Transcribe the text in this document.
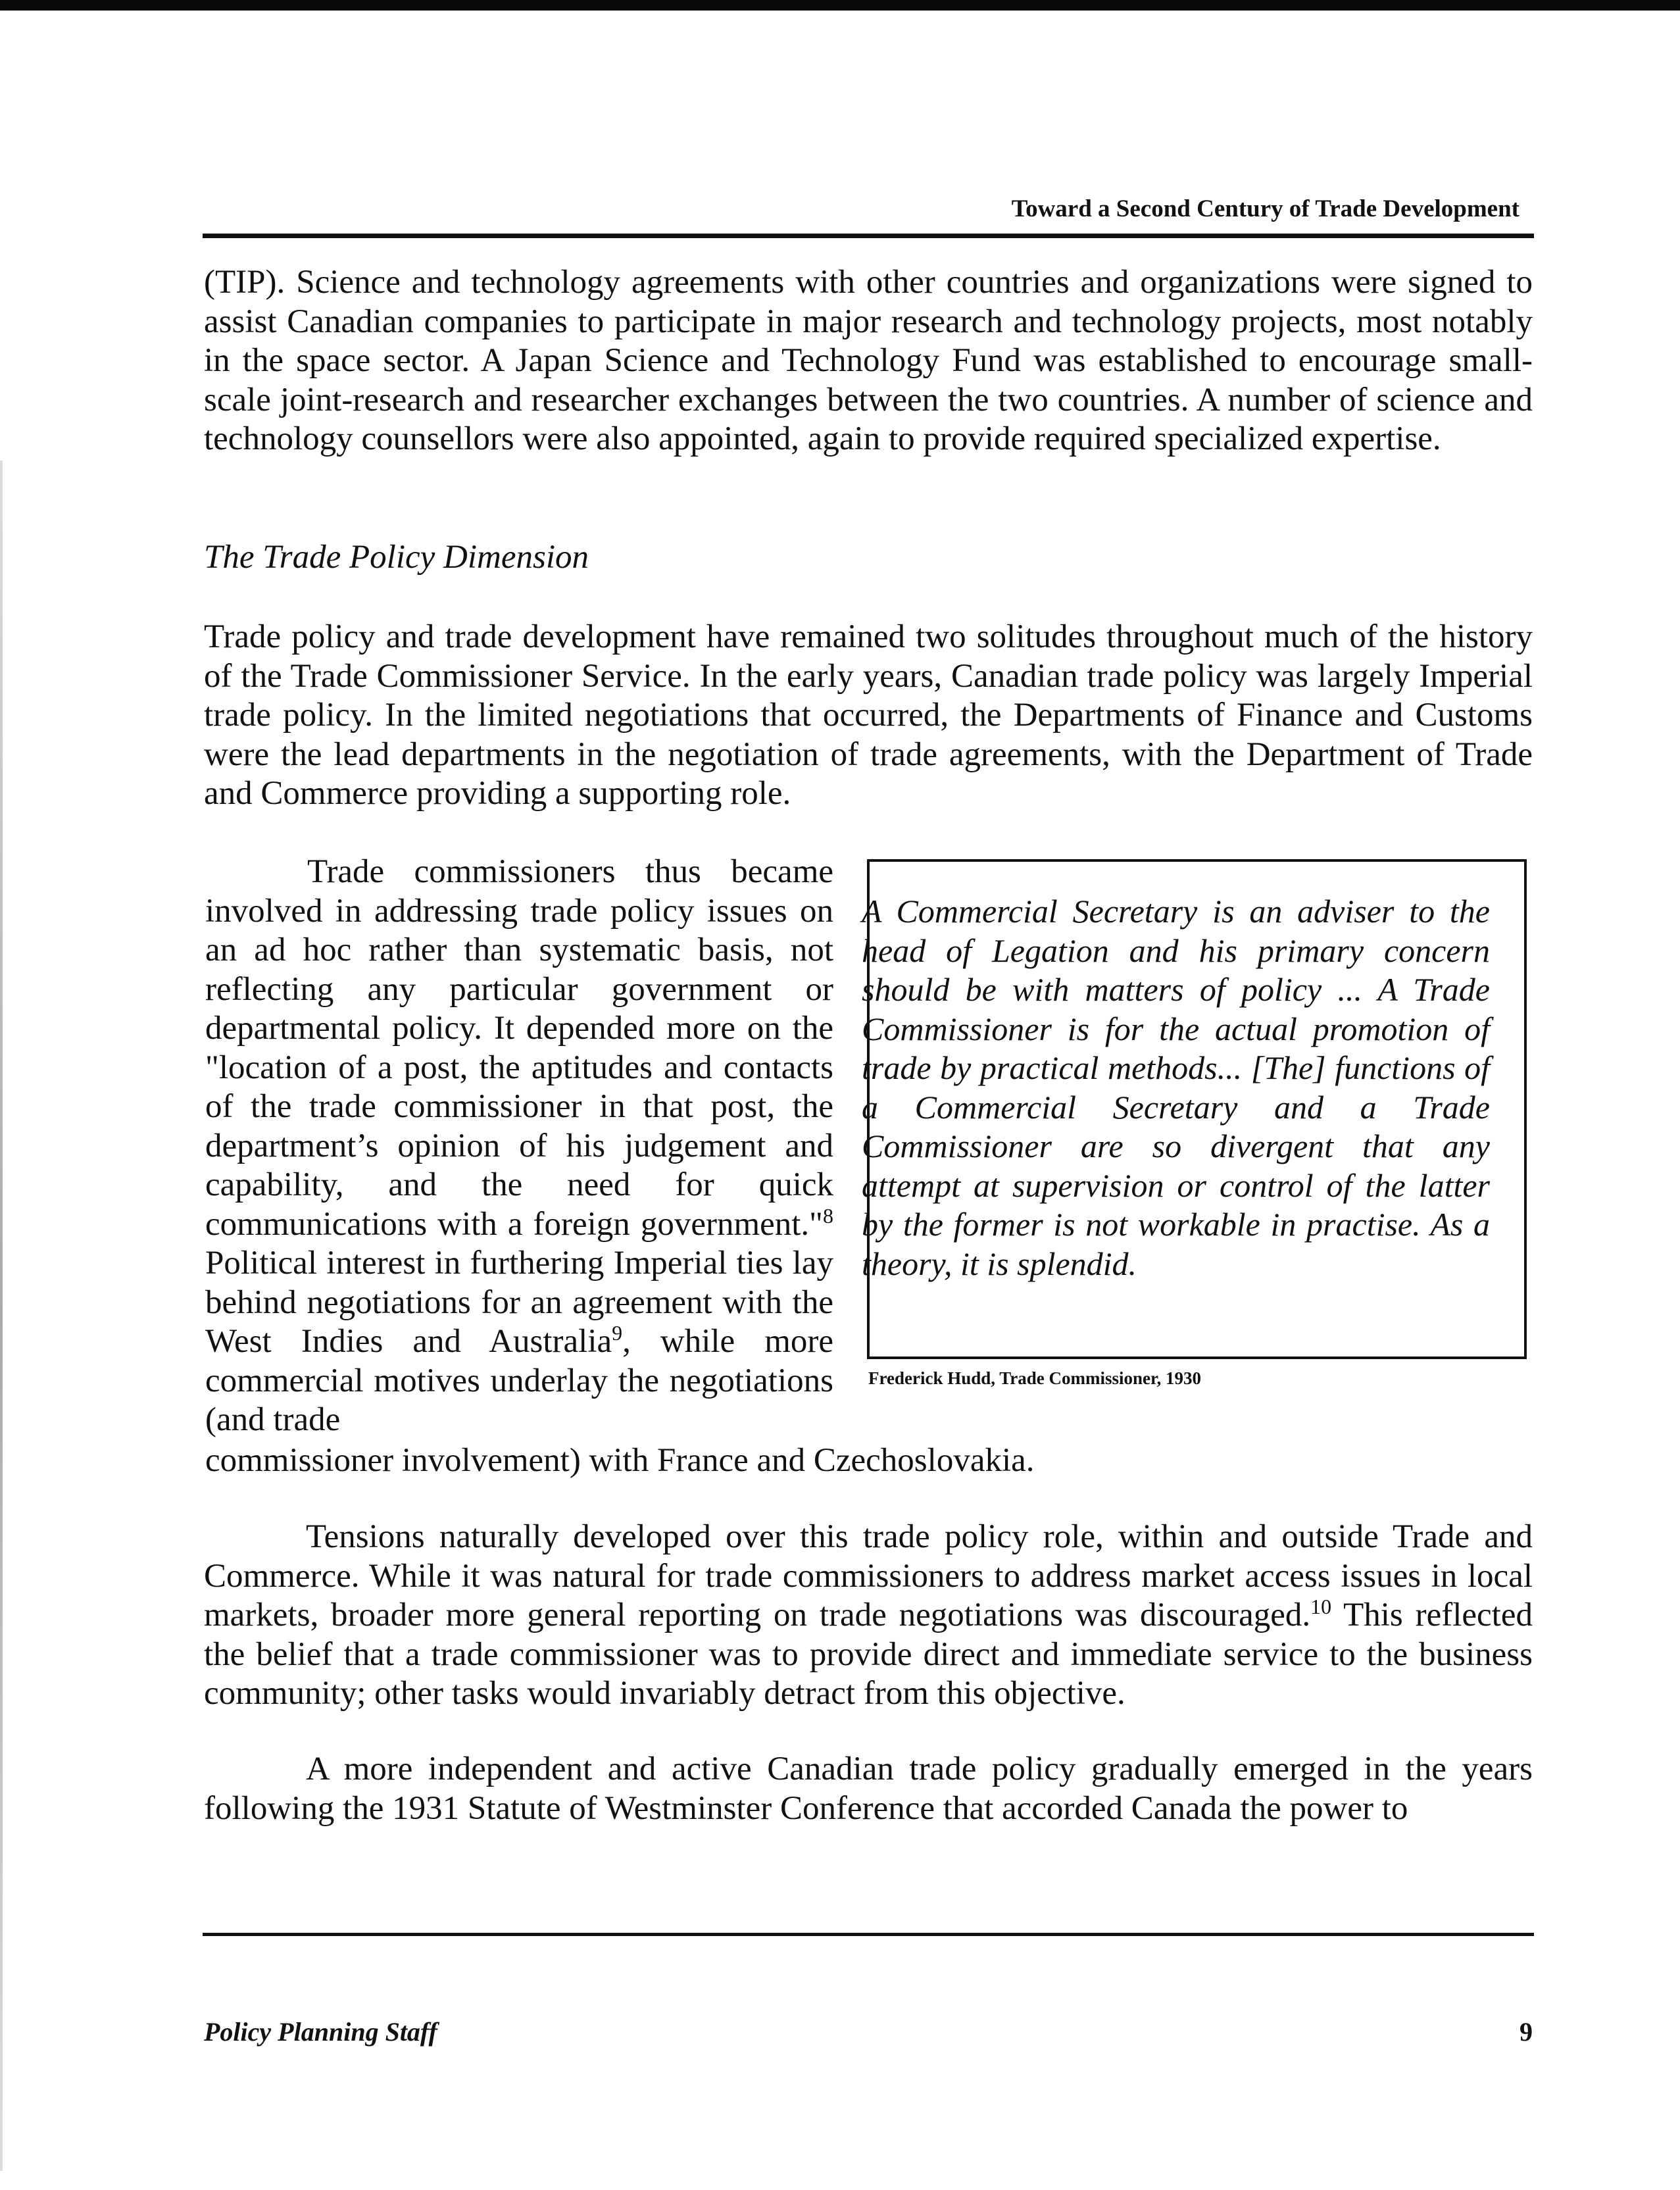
Toward a Second Century of Trade Development

(TIP). Science and technology agreements with other countries and organizations were signed to assist Canadian companies to participate in major research and technology projects, most notably in the space sector. A Japan Science and Technology Fund was established to encourage small-scale joint-research and researcher exchanges between the two countries. A number of science and technology counsellors were also appointed, again to provide required specialized expertise.

The Trade Policy Dimension

Trade policy and trade development have remained two solitudes throughout much of the history of the Trade Commissioner Service. In the early years, Canadian trade policy was largely Imperial trade policy. In the limited negotiations that occurred, the Departments of Finance and Customs were the lead departments in the negotiation of trade agreements, with the Department of Trade and Commerce providing a supporting role.

Trade commissioners thus became involved in addressing trade policy issues on an ad hoc rather than systematic basis, not reflecting any particular government or departmental policy. It depended more on the "location of a post, the aptitudes and contacts of the trade commissioner in that post, the department’s opinion of his judgement and capability, and the need for quick communications with a foreign government."$^8$ Political interest in furthering Imperial ties lay behind negotiations for an agreement with the West Indies and Australia$^9$, while more commercial motives underlay the negotiations (and trade

commissioner involvement) with France and Czechoslovakia.

A Commercial Secretary is an adviser to the head of Legation and his primary concern should be with matters of policy ... A Trade Commissioner is for the actual promotion of trade by practical methods... [The] functions of a Commercial Secretary and a Trade Commissioner are so divergent that any attempt at supervision or control of the latter by the former is not workable in practise. As a theory, it is splendid.

Frederick Hudd, Trade Commissioner, 1930

Tensions naturally developed over this trade policy role, within and outside Trade and Commerce. While it was natural for trade commissioners to address market access issues in local markets, broader more general reporting on trade negotiations was discouraged.$^{10}$ This reflected the belief that a trade commissioner was to provide direct and immediate service to the business community; other tasks would invariably detract from this objective.

A more independent and active Canadian trade policy gradually emerged in the years following the 1931 Statute of Westminster Conference that accorded Canada the power to

Policy Planning Staff	9
